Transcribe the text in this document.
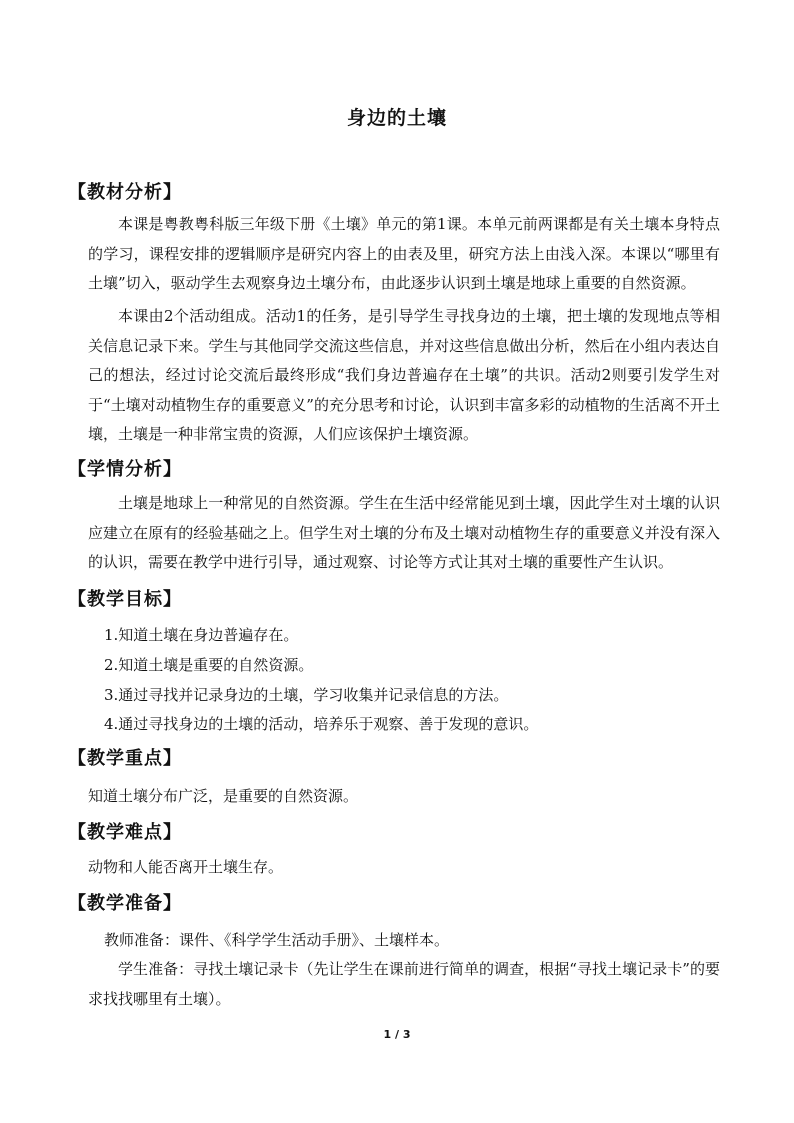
身边的土壤
【教材分析】
本课是粤教粤科版三年级下册《土壤》单元的第1课。本单元前两课都是有关土壤本身特点的学习，课程安排的逻辑顺序是研究内容上的由表及里，研究方法上由浅入深。本课以“哪里有土壤”切入，驱动学生去观察身边土壤分布，由此逐步认识到土壤是地球上重要的自然资源。
本课由2个活动组成。活动1的任务，是引导学生寻找身边的土壤，把土壤的发现地点等相关信息记录下来。学生与其他同学交流这些信息，并对这些信息做出分析，然后在小组内表达自己的想法，经过讨论交流后最终形成“我们身边普遍存在土壤”的共识。活动2则要引发学生对于“土壤对动植物生存的重要意义”的充分思考和讨论，认识到丰富多彩的动植物的生活离不开土壤，土壤是一种非常宝贵的资源，人们应该保护土壤资源。
【学情分析】
土壤是地球上一种常见的自然资源。学生在生活中经常能见到土壤，因此学生对土壤的认识应建立在原有的经验基础之上。但学生对土壤的分布及土壤对动植物生存的重要意义并没有深入的认识，需要在教学中进行引导，通过观察、讨论等方式让其对土壤的重要性产生认识。
【教学目标】
1.知道土壤在身边普遍存在。
2.知道土壤是重要的自然资源。
3.通过寻找并记录身边的土壤，学习收集并记录信息的方法。
4.通过寻找身边的土壤的活动，培养乐于观察、善于发现的意识。
【教学重点】
知道土壤分布广泛，是重要的自然资源。
【教学难点】
动物和人能否离开土壤生存。
【教学准备】
教师准备：课件、《科学学生活动手册》、土壤样本。
学生准备：寻找土壤记录卡（先让学生在课前进行简单的调查，根据“寻找土壤记录卡”的要求找找哪里有土壤）。
1 / 3
